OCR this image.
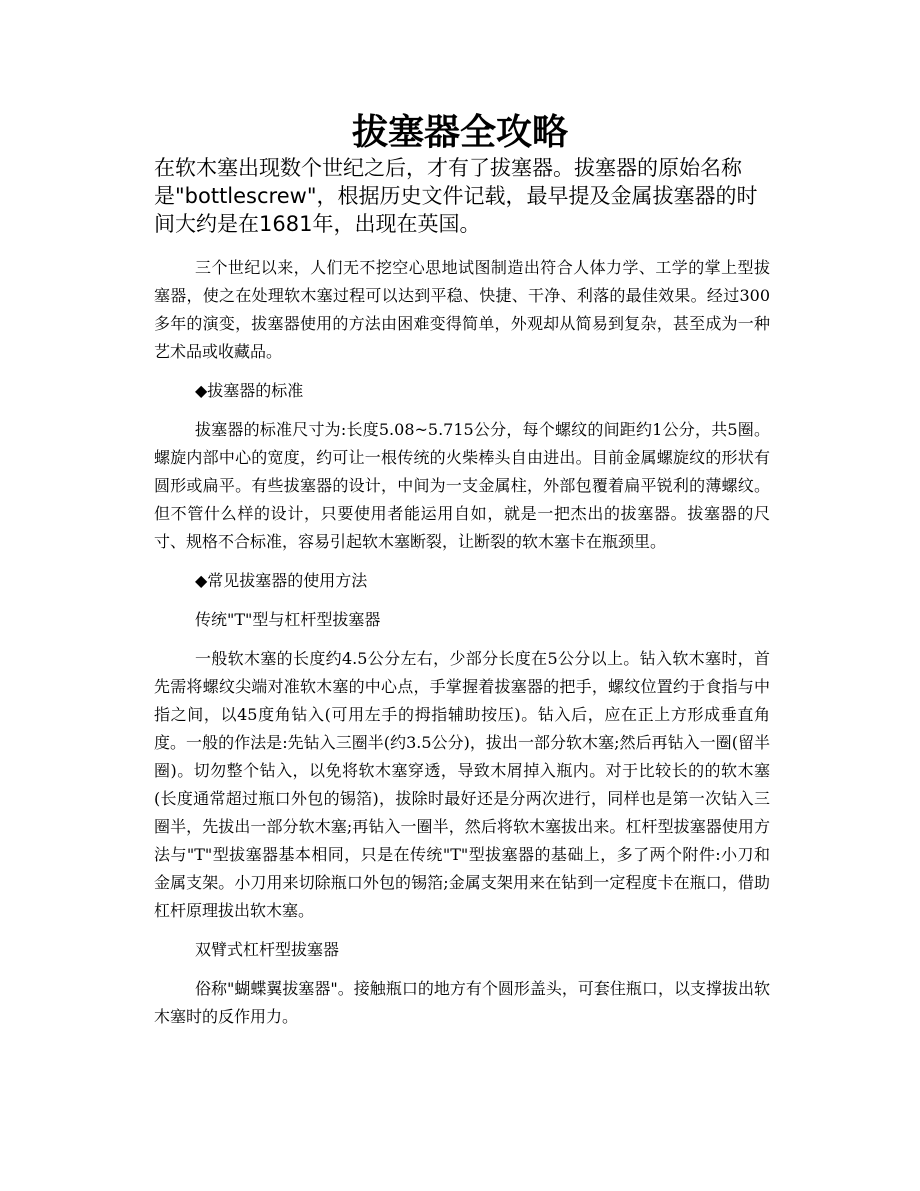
拔塞器全攻略

在软木塞出现数个世纪之后，才有了拔塞器。拔塞器的原始名称是"bottlescrew"，根据历史文件记载，最早提及金属拔塞器的时间大约是在1681年，出现在英国。

三个世纪以来，人们无不挖空心思地试图制造出符合人体力学、工学的掌上型拔塞器，使之在处理软木塞过程可以达到平稳、快捷、干净、利落的最佳效果。经过300多年的演变，拔塞器使用的方法由困难变得简单，外观却从简易到复杂，甚至成为一种艺术品或收藏品。

◆拔塞器的标准

拔塞器的标准尺寸为:长度5.08~5.715公分，每个螺纹的间距约1公分，共5圈。螺旋内部中心的宽度，约可让一根传统的火柴棒头自由进出。目前金属螺旋纹的形状有圆形或扁平。有些拔塞器的设计，中间为一支金属柱，外部包覆着扁平锐利的薄螺纹。但不管什么样的设计，只要使用者能运用自如，就是一把杰出的拔塞器。拔塞器的尺寸、规格不合标准，容易引起软木塞断裂，让断裂的软木塞卡在瓶颈里。

◆常见拔塞器的使用方法

传统"T"型与杠杆型拔塞器

一般软木塞的长度约4.5公分左右，少部分长度在5公分以上。钻入软木塞时，首先需将螺纹尖端对准软木塞的中心点，手掌握着拔塞器的把手，螺纹位置约于食指与中指之间，以45度角钻入(可用左手的拇指辅助按压)。钻入后，应在正上方形成垂直角度。一般的作法是:先钻入三圈半(约3.5公分)，拔出一部分软木塞;然后再钻入一圈(留半圈)。切勿整个钻入，以免将软木塞穿透，导致木屑掉入瓶内。对于比较长的的软木塞(长度通常超过瓶口外包的锡箔)，拔除时最好还是分两次进行，同样也是第一次钻入三圈半，先拔出一部分软木塞;再钻入一圈半，然后将软木塞拔出来。杠杆型拔塞器使用方法与"T"型拔塞器基本相同，只是在传统"T"型拔塞器的基础上，多了两个附件:小刀和金属支架。小刀用来切除瓶口外包的锡箔;金属支架用来在钻到一定程度卡在瓶口，借助杠杆原理拔出软木塞。

双臂式杠杆型拔塞器

俗称"蝴蝶翼拔塞器"。接触瓶口的地方有个圆形盖头，可套住瓶口，以支撑拔出软木塞时的反作用力。
